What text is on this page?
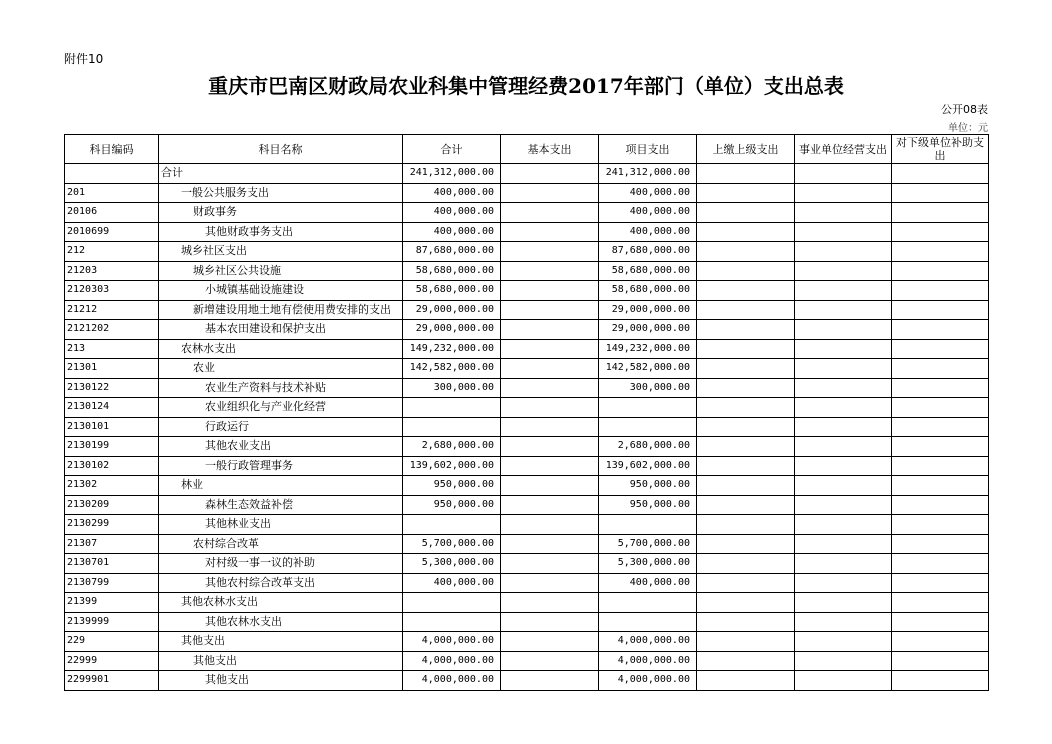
附件10
重庆市巴南区财政局农业科集中管理经费2017年部门（单位）支出总表
公开08表
单位：元
科目编码	科目名称	合计	基本支出	项目支出	上缴上级支出	事业单位经营支出	对下级单位补助支出
	合计	241,312,000.00		241,312,000.00			
201	一般公共服务支出	400,000.00		400,000.00			
20106	财政事务	400,000.00		400,000.00			
2010699	其他财政事务支出	400,000.00		400,000.00			
212	城乡社区支出	87,680,000.00		87,680,000.00			
21203	城乡社区公共设施	58,680,000.00		58,680,000.00			
2120303	小城镇基础设施建设	58,680,000.00		58,680,000.00			
21212	新增建设用地土地有偿使用费安排的支出	29,000,000.00		29,000,000.00			
2121202	基本农田建设和保护支出	29,000,000.00		29,000,000.00			
213	农林水支出	149,232,000.00		149,232,000.00			
21301	农业	142,582,000.00		142,582,000.00			
2130122	农业生产资料与技术补贴	300,000.00		300,000.00			
2130124	农业组织化与产业化经营						
2130101	行政运行						
2130199	其他农业支出	2,680,000.00		2,680,000.00			
2130102	一般行政管理事务	139,602,000.00		139,602,000.00			
21302	林业	950,000.00		950,000.00			
2130209	森林生态效益补偿	950,000.00		950,000.00			
2130299	其他林业支出						
21307	农村综合改革	5,700,000.00		5,700,000.00			
2130701	对村级一事一议的补助	5,300,000.00		5,300,000.00			
2130799	其他农村综合改革支出	400,000.00		400,000.00			
21399	其他农林水支出						
2139999	其他农林水支出						
229	其他支出	4,000,000.00		4,000,000.00			
22999	其他支出	4,000,000.00		4,000,000.00			
2299901	其他支出	4,000,000.00		4,000,000.00			
